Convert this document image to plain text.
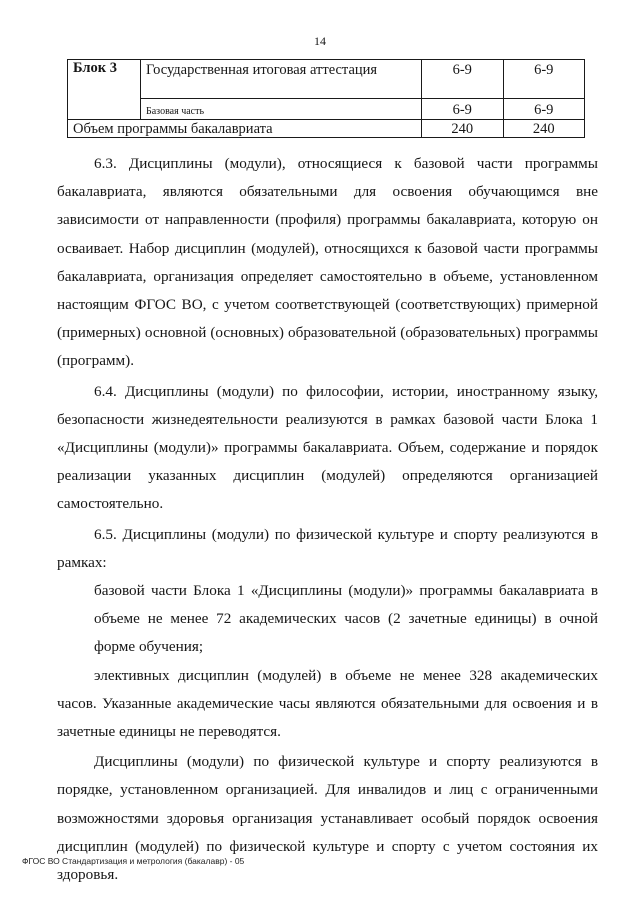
14
Блок 3	Государственная итоговая аттестация	6-9	6-9
	Базовая часть	6-9	6-9
Объем программы бакалавриата		240	240

6.3. Дисциплины (модули), относящиеся к базовой части программы бакалавриата, являются обязательными для освоения обучающимся вне зависимости от направленности (профиля) программы бакалавриата, которую он осваивает. Набор дисциплин (модулей), относящихся к базовой части программы бакалавриата, организация определяет самостоятельно в объеме, установленном настоящим ФГОС ВО, с учетом соответствующей (соответствующих) примерной (примерных) основной (основных) образовательной (образовательных) программы (программ).

6.4. Дисциплины (модули) по философии, истории, иностранному языку, безопасности жизнедеятельности реализуются в рамках базовой части Блока 1 «Дисциплины (модули)» программы бакалавриата. Объем, содержание и порядок реализации указанных дисциплин (модулей) определяются организацией самостоятельно.

6.5. Дисциплины (модули) по физической культуре и спорту реализуются в рамках:

базовой части Блока 1 «Дисциплины (модули)» программы бакалавриата в объеме не менее 72 академических часов (2 зачетные единицы) в очной форме обучения;

элективных дисциплин (модулей) в объеме не менее 328 академических часов. Указанные академические часы являются обязательными для освоения и в зачетные единицы не переводятся.

Дисциплины (модули) по физической культуре и спорту реализуются в порядке, установленном организацией. Для инвалидов и лиц с ограниченными возможностями здоровья организация устанавливает особый порядок освоения дисциплин (модулей) по физической культуре и спорту с учетом состояния их здоровья.

ФГОС ВО Стандартизация и метрология (бакалавр) - 05
